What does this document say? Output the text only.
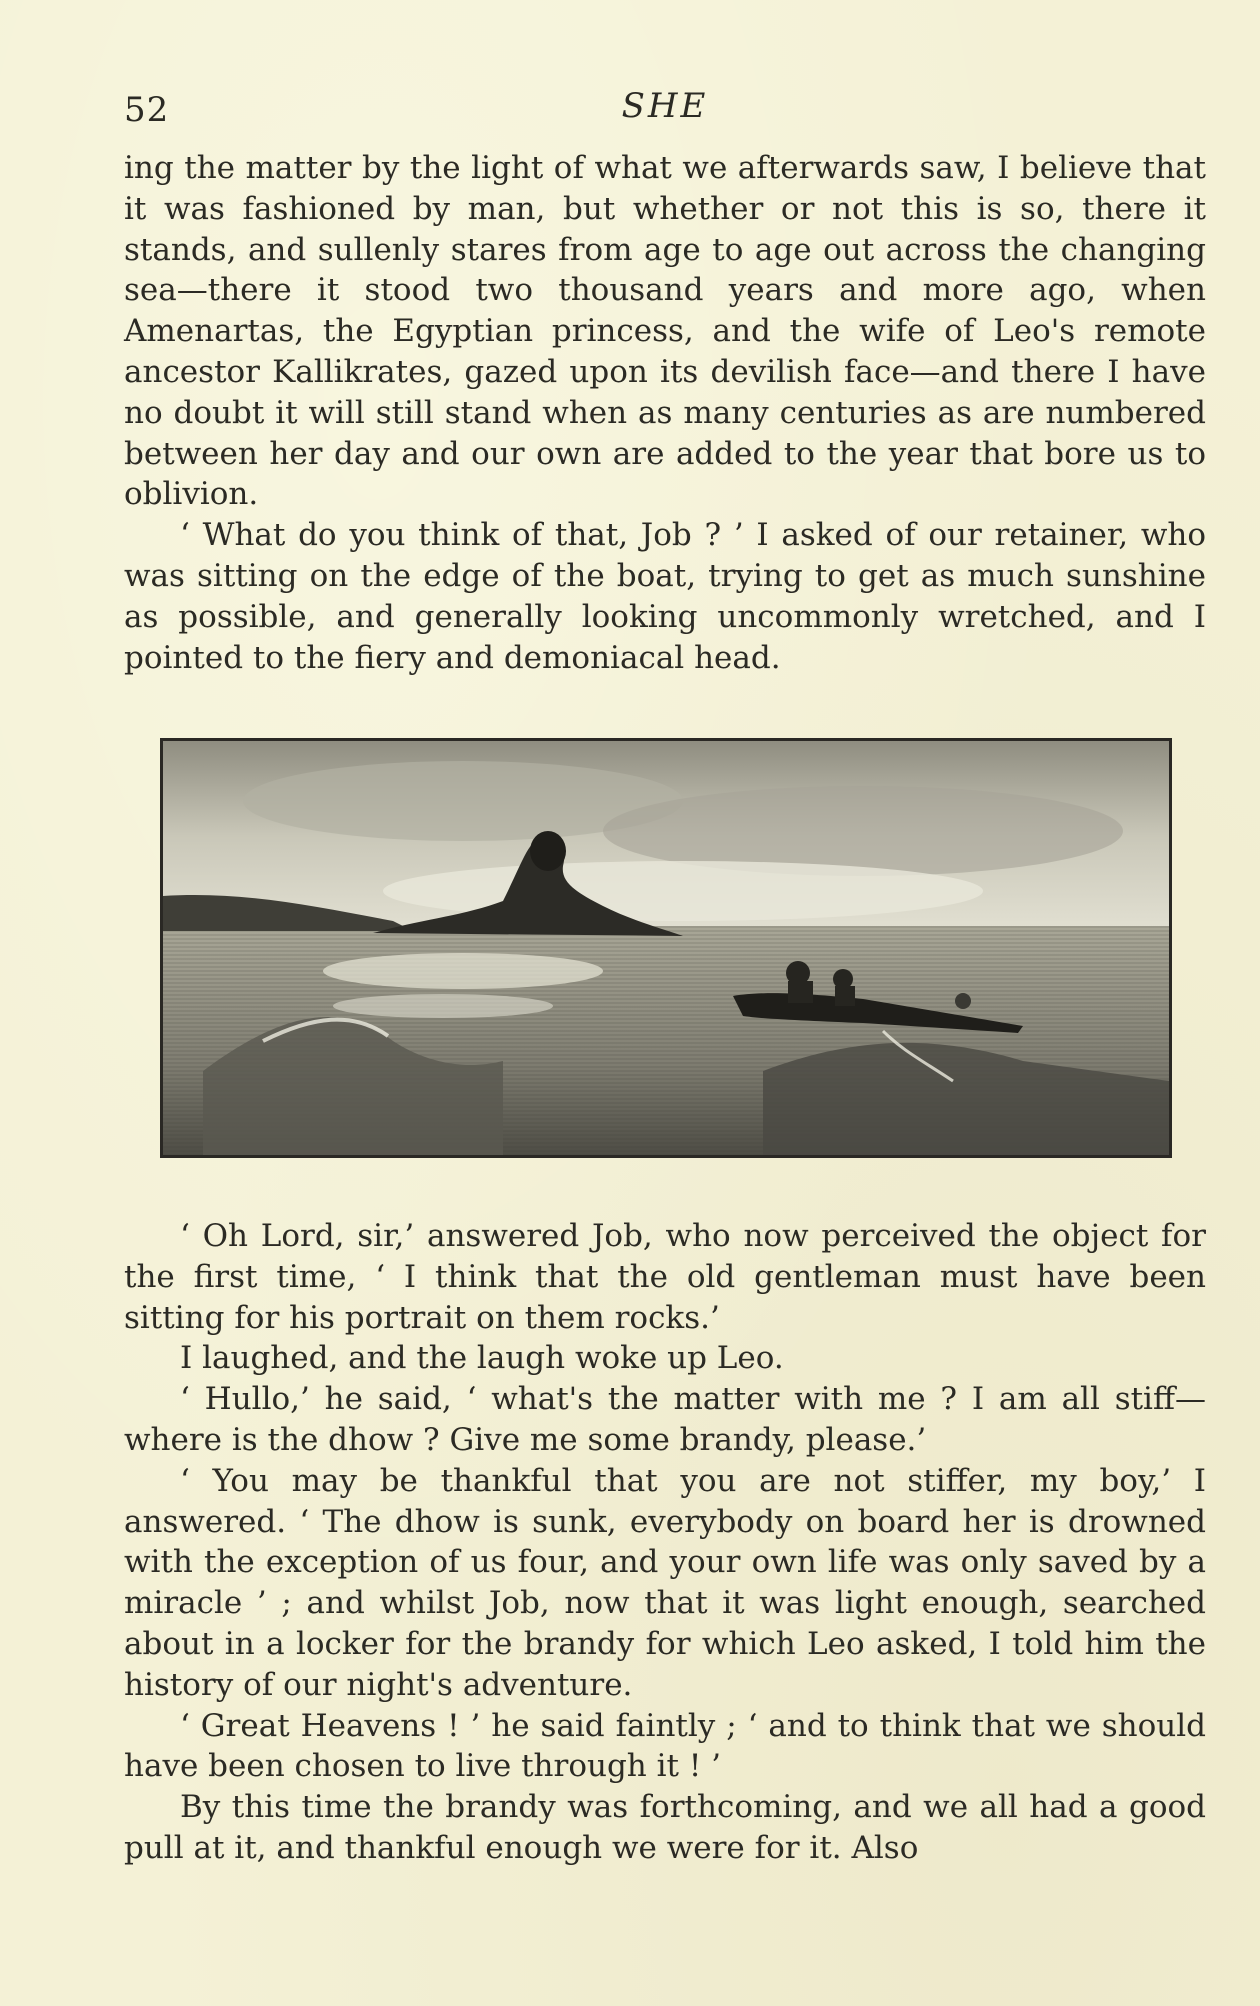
52	SHE

ing the matter by the light of what we afterwards saw, I believe that it was fashioned by man, but whether or not this is so, there it stands, and sullenly stares from age to age out across the changing sea—there it stood two thousand years and more ago, when Amenartas, the Egyptian princess, and the wife of Leo's remote ancestor Kallikrates, gazed upon its devilish face—and there I have no doubt it will still stand when as many centuries as are numbered between her day and our own are added to the year that bore us to oblivion.

‘ What do you think of that, Job ? ’ I asked of our retainer, who was sitting on the edge of the boat, trying to get as much sunshine as possible, and generally looking uncommonly wretched, and I pointed to the fiery and demoniacal head.

‘ Oh Lord, sir,’ answered Job, who now perceived the object for the first time, ‘ I think that the old gentleman must have been sitting for his portrait on them rocks.’

I laughed, and the laugh woke up Leo.

‘ Hullo,’ he said, ‘ what's the matter with me ? I am all stiff—where is the dhow ? Give me some brandy, please.’

‘ You may be thankful that you are not stiffer, my boy,’ I answered. ‘ The dhow is sunk, everybody on board her is drowned with the exception of us four, and your own life was only saved by a miracle ’ ; and whilst Job, now that it was light enough, searched about in a locker for the brandy for which Leo asked, I told him the history of our night's adventure.

‘ Great Heavens ! ’ he said faintly ; ‘ and to think that we should have been chosen to live through it ! ’

By this time the brandy was forthcoming, and we all had a good pull at it, and thankful enough we were for it. Also
